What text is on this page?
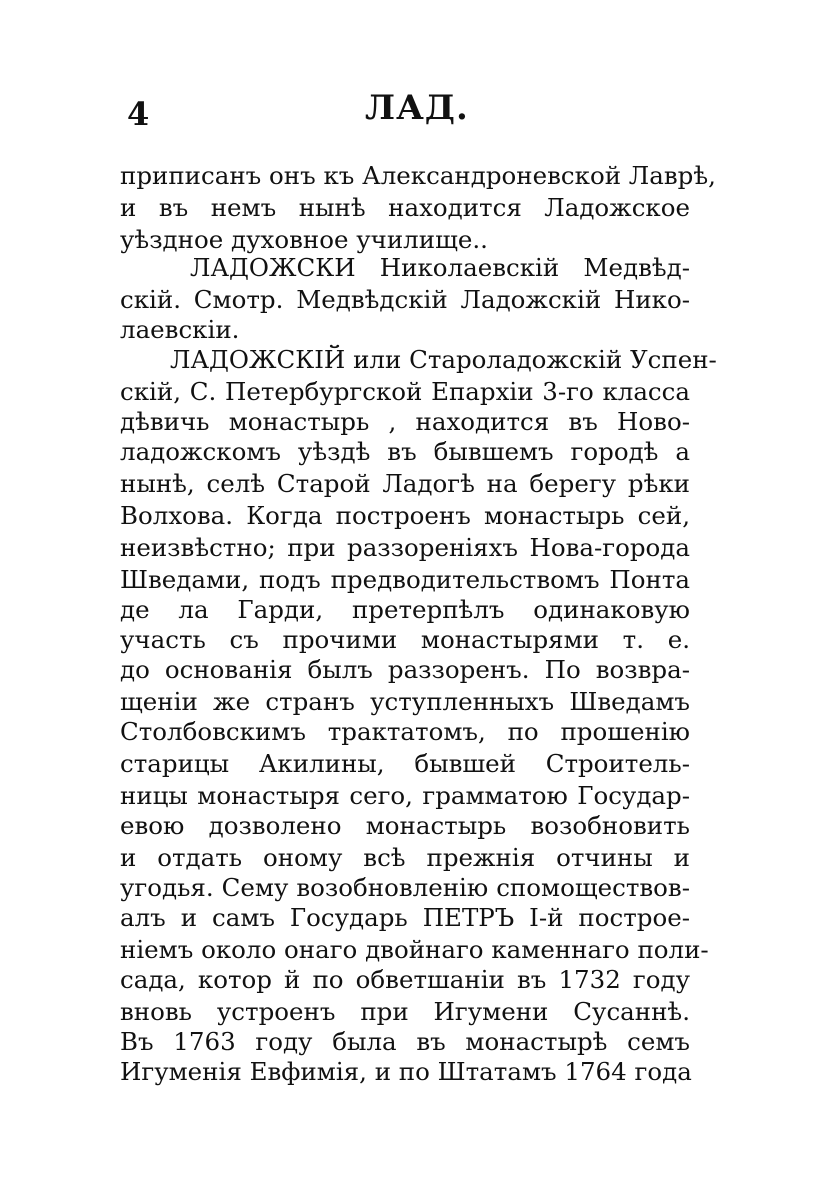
4	ЛАД.
приписанъ онъ къ Александроневской Лаврѣ,
и въ немъ нынѣ находится Ладожское
уѣздное духовное училище..
ЛАДОЖСКИ Николаевскій Медвѣд-
скій. Смотр. Медвѣдскій Ладожскій Нико-
лаевскіи.
ЛАДОЖСКІЙ или Староладожскій Успен-
скій, С. Петербургской Епархіи 3-го класса
дѣвичь монастырь , находится въ Ново-
ладожскомъ уѣздѣ въ бывшемъ городѣ а
нынѣ, селѣ Старой Ладогѣ на берегу рѣки
Волхова. Когда построенъ монастырь сей,
неизвѣстно; при раззореніяхъ Нова-города
Шведами, подъ предводительствомъ Понта
де ла Гарди, претерпѣлъ одинаковую
участь съ прочими монастырями т. е.
до основанія былъ раззоренъ. По возвра-
щеніи же странъ уступленныхъ Шведамъ
Столбовскимъ трактатомъ, по прошенію
старицы Акилины, бывшей Строитель-
ницы монастыря сего, грамматою Государ-
евою дозволено монастырь возобновить
и отдать оному всѣ прежнія отчины и
угодья. Сему возобновленію спомоществов-
алъ и самъ Государь ПЕТРЪ I-й построе-
ніемъ около онаго двойнаго каменнаго поли-
сада, котор й по обветшаніи въ 1732 году
вновь устроенъ при Игумени Сусаннѣ.
Въ 1763 году была въ монастырѣ семъ
Игуменія Евфимія, и по Штатамъ 1764 года
